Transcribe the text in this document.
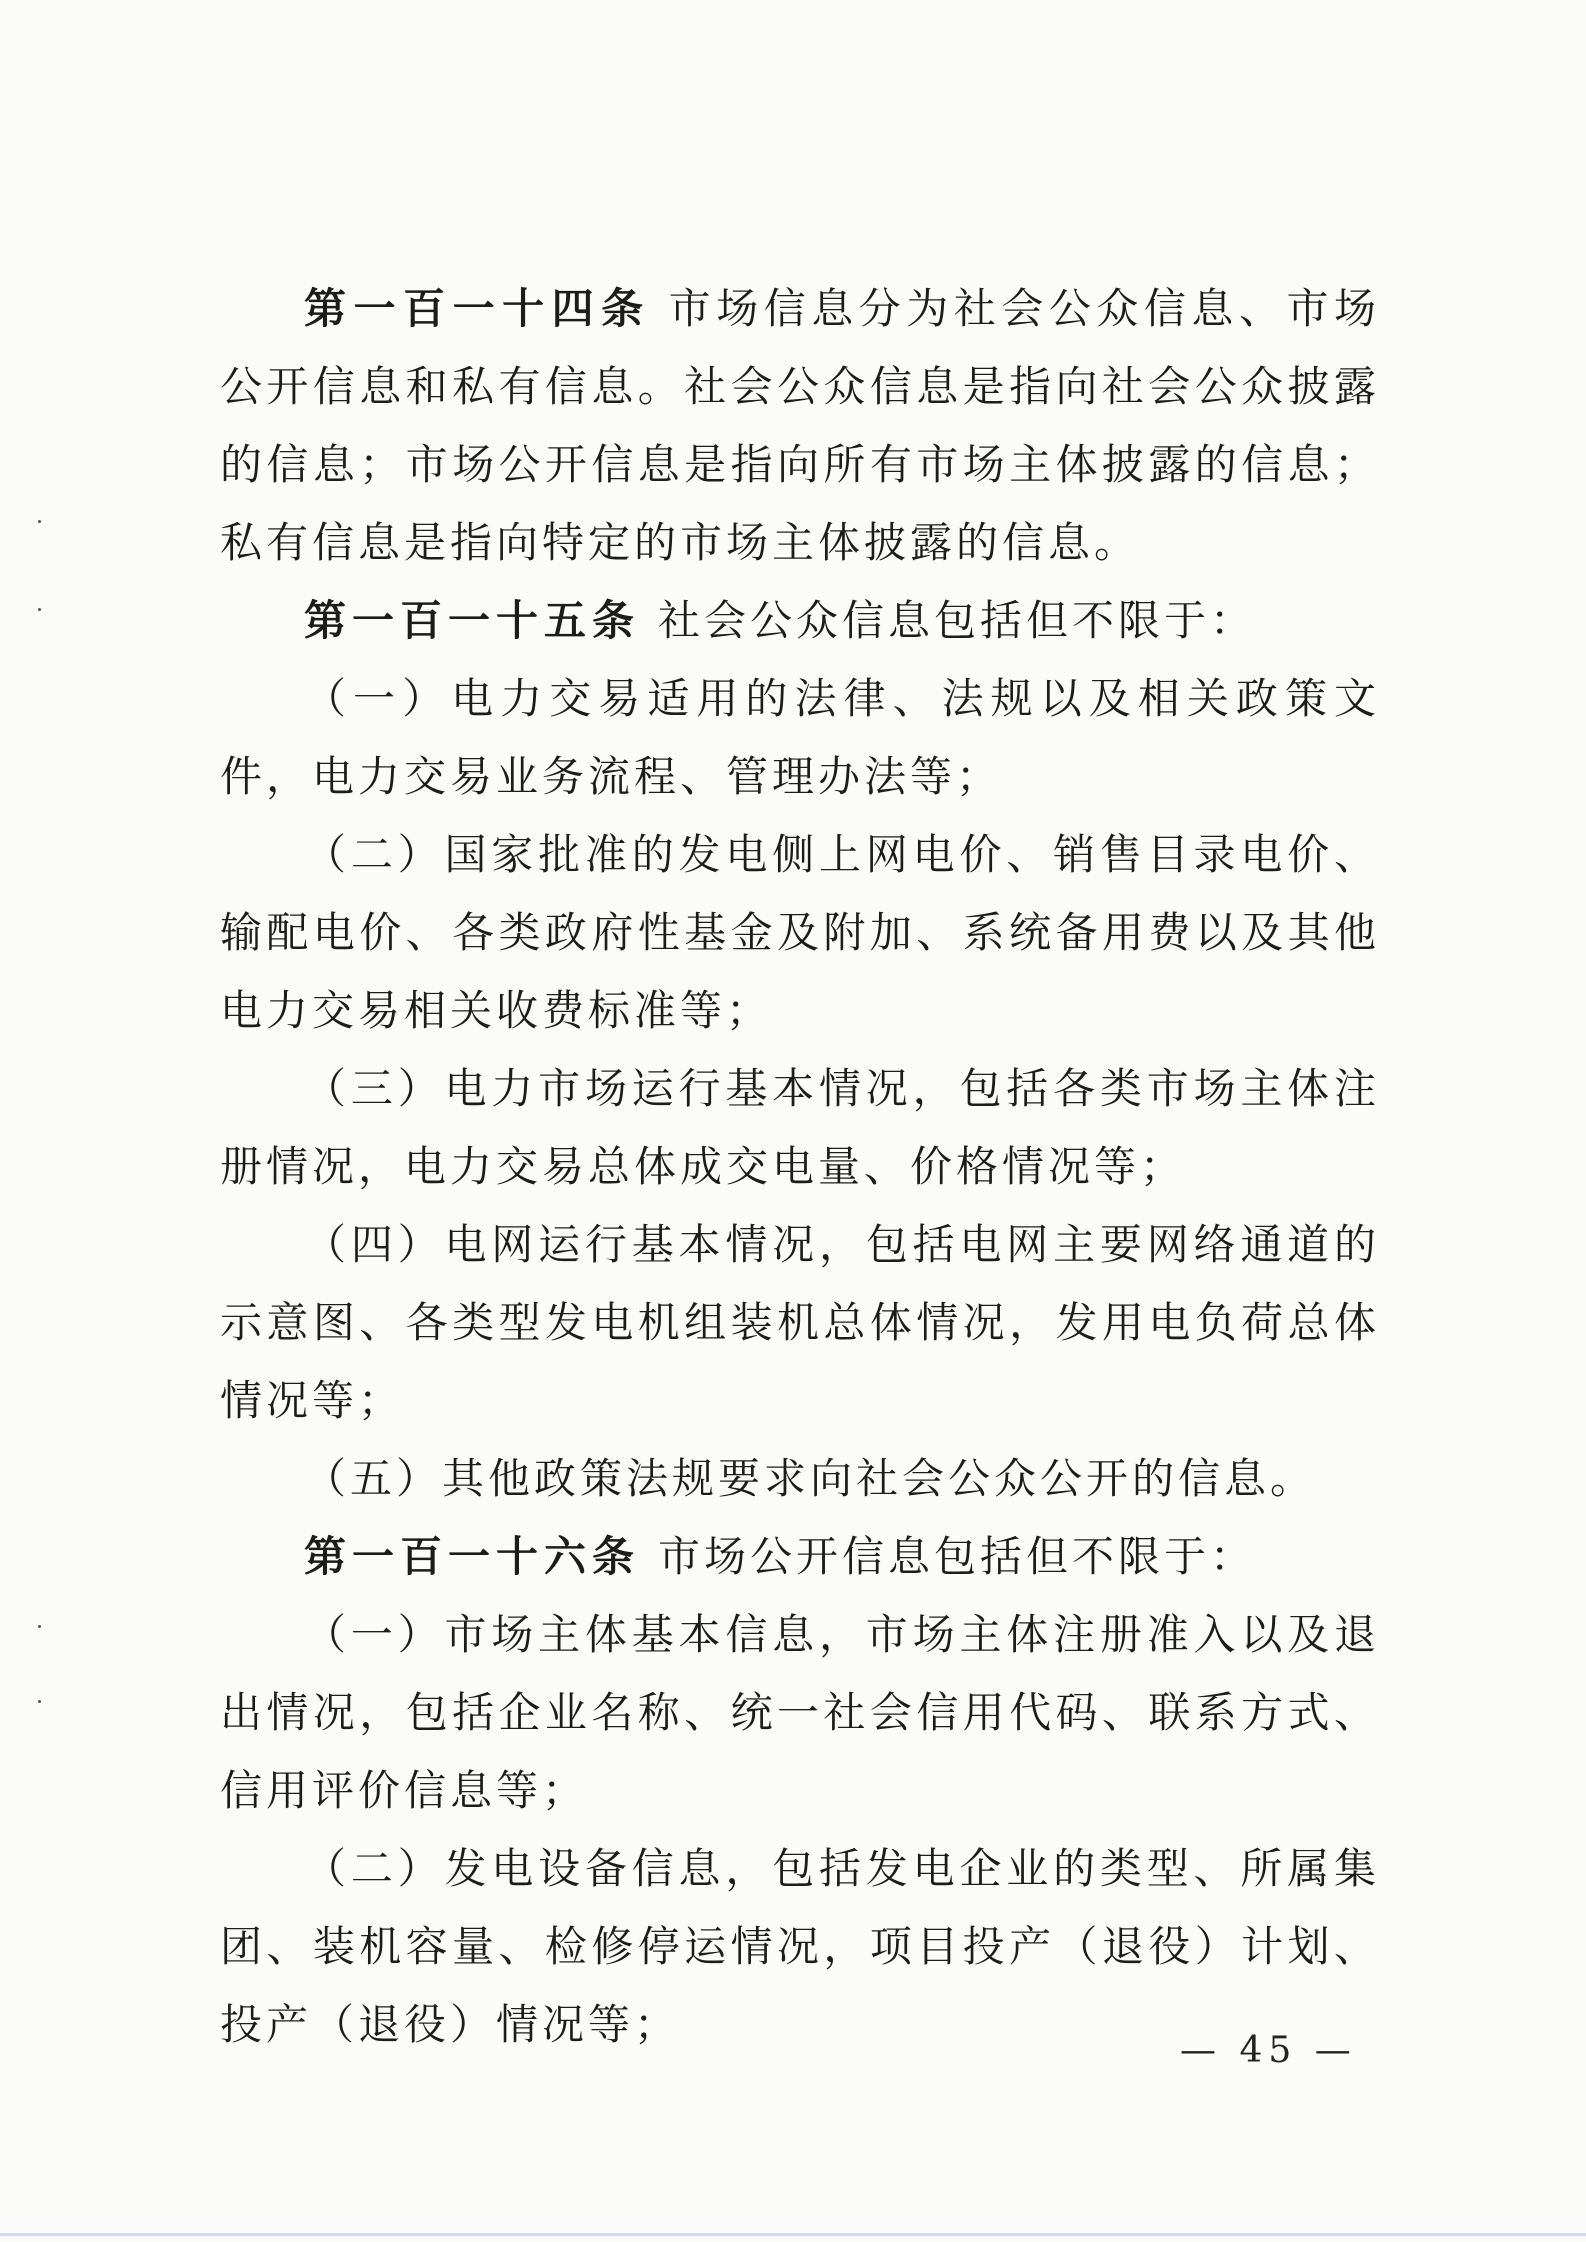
第一百一十四条 市场信息分为社会公众信息、市场公开信息和私有信息。社会公众信息是指向社会公众披露的信息；市场公开信息是指向所有市场主体披露的信息；私有信息是指向特定的市场主体披露的信息。

第一百一十五条 社会公众信息包括但不限于：

（一）电力交易适用的法律、法规以及相关政策文件，电力交易业务流程、管理办法等；

（二）国家批准的发电侧上网电价、销售目录电价、输配电价、各类政府性基金及附加、系统备用费以及其他电力交易相关收费标准等；

（三）电力市场运行基本情况，包括各类市场主体注册情况，电力交易总体成交电量、价格情况等；

（四）电网运行基本情况，包括电网主要网络通道的示意图、各类型发电机组装机总体情况，发用电负荷总体情况等；

（五）其他政策法规要求向社会公众公开的信息。

第一百一十六条 市场公开信息包括但不限于：

（一）市场主体基本信息，市场主体注册准入以及退出情况，包括企业名称、统一社会信用代码、联系方式、信用评价信息等；

（二）发电设备信息，包括发电企业的类型、所属集团、装机容量、检修停运情况，项目投产（退役）计划、投产（退役）情况等；

— 45 —
